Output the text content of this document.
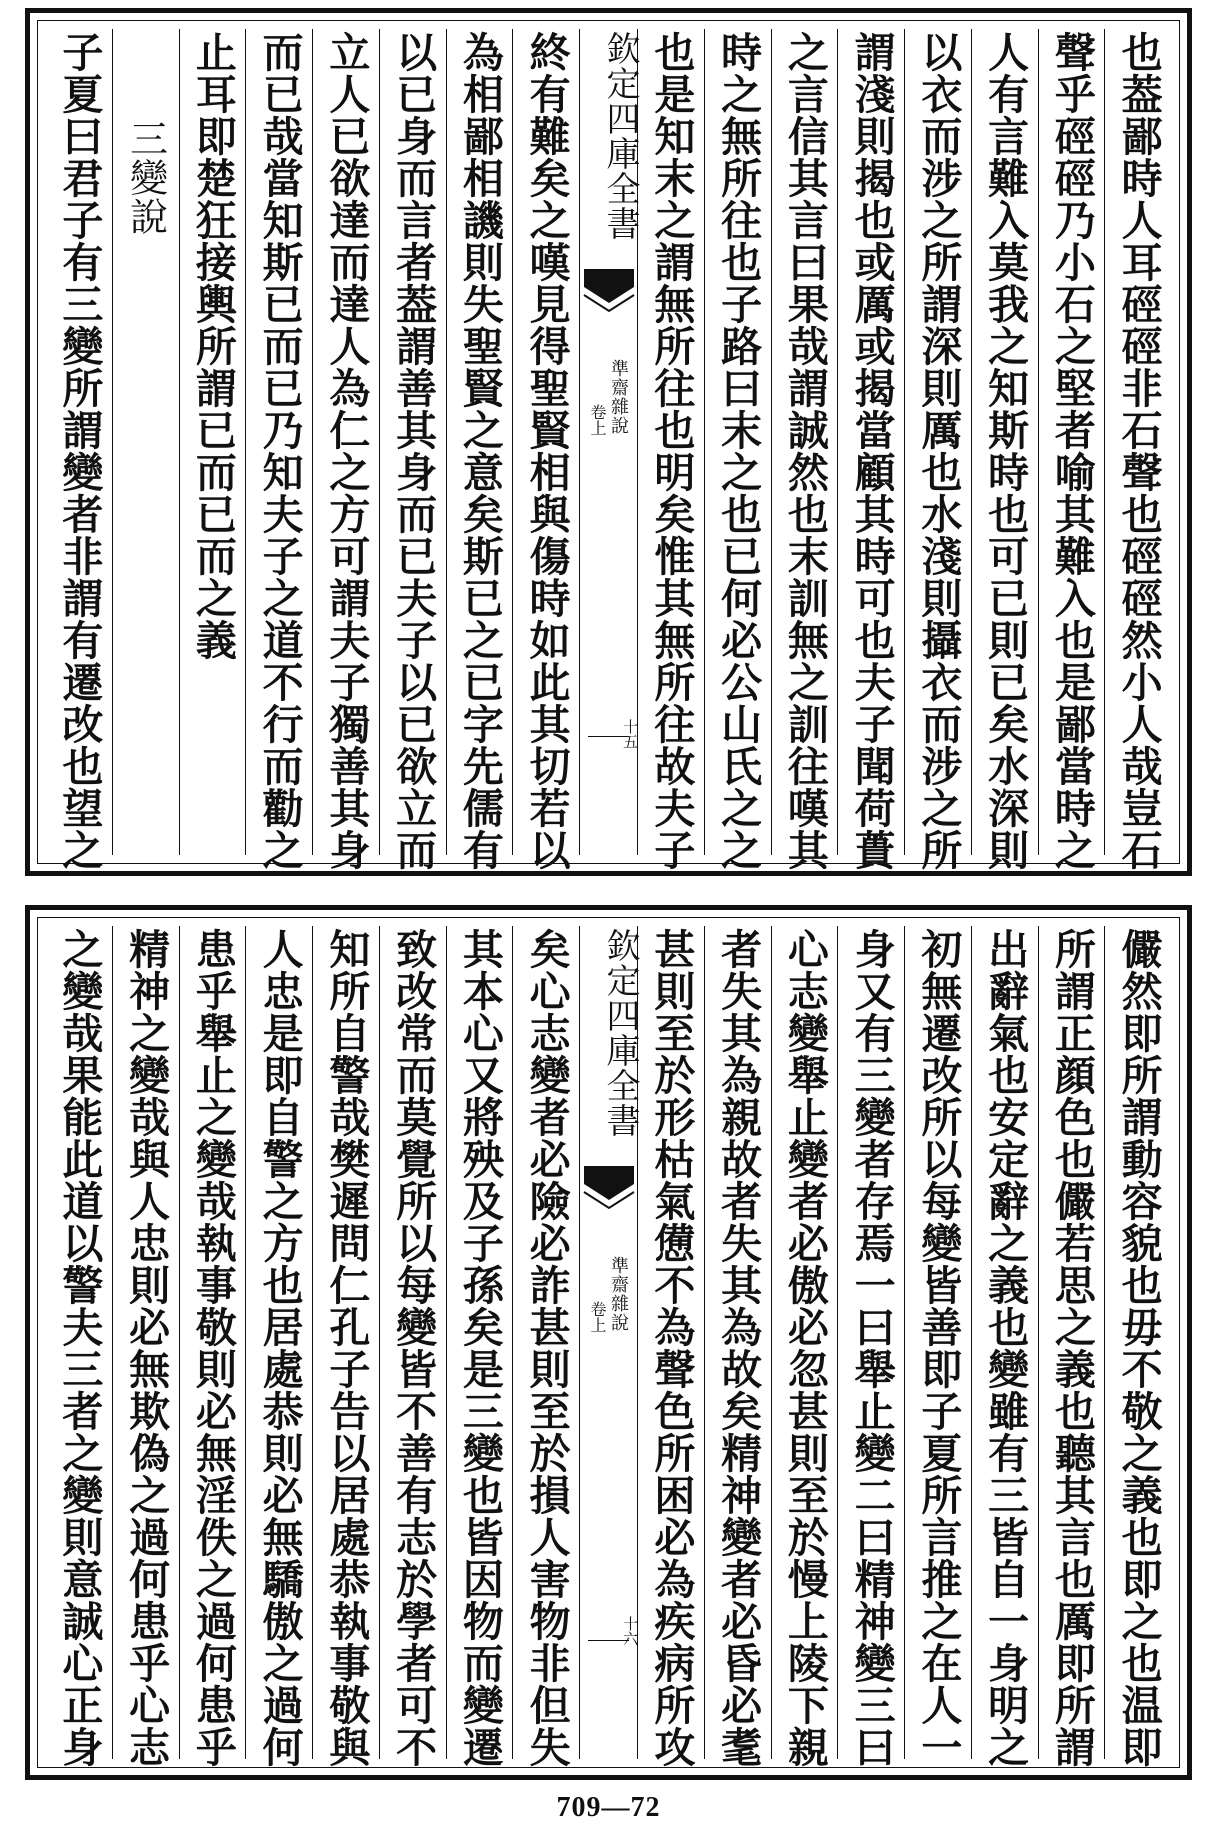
也葢鄙時人耳硜硜非石聲也硜硜然小人哉豈石
聲乎硜硜乃小石之堅者喻其難入也是鄙當時之
人有言難入莫我之知斯時也可已則已矣水深則
以衣而涉之所謂深則厲也水淺則攝衣而涉之所
謂淺則揭也或厲或揭當顧其時可也夫子聞荷蕢
之言信其言曰果哉謂誠然也末訓無之訓往嘆其
時之無所往也子路曰末之也已何必公山氏之之
也是知末之謂無所往也明矣惟其無所往故夫子
欽定四庫全書
準齋雜說
卷上
十五
終有難矣之嘆見得聖賢相與傷時如此其切若以
為相鄙相譏則失聖賢之意矣斯已之已字先儒有
以已身而言者葢謂善其身而已夫子以已欲立而
立人已欲達而達人為仁之方可謂夫子獨善其身
而已哉當知斯已而已乃知夫子之道不行而勸之
止耳即楚狂接輿所謂已而已而之義
三變說
子夏曰君子有三變所謂變者非謂有遷改也望之
儼然即所謂動容貌也毋不敬之義也即之也温即
所謂正顔色也儼若思之義也聽其言也厲即所謂
出辭氣也安定辭之義也變雖有三皆自一身明之
初無遷改所以每變皆善即子夏所言推之在人一
身又有三變者存焉一曰舉止變二曰精神變三曰
心志變舉止變者必傲必忽甚則至於慢上陵下親
者失其為親故者失其為故矣精神變者必昏必耄
甚則至於形枯氣憊不為聲色所困必為疾病所攻
欽定四庫全書
準齋雜說
卷上
十六
矣心志變者必險必詐甚則至於損人害物非但失
其本心又將殃及子孫矣是三變也皆因物而變遷
致改常而莫覺所以每變皆不善有志於學者可不
知所自警哉樊遲問仁孔子告以居處恭執事敬與
人忠是即自警之方也居處恭則必無驕傲之過何
患乎舉止之變哉執事敬則必無淫佚之過何患乎
精神之變哉與人忠則必無欺偽之過何患乎心志
之變哉果能此道以警夫三者之變則意誠心正身
709—72
